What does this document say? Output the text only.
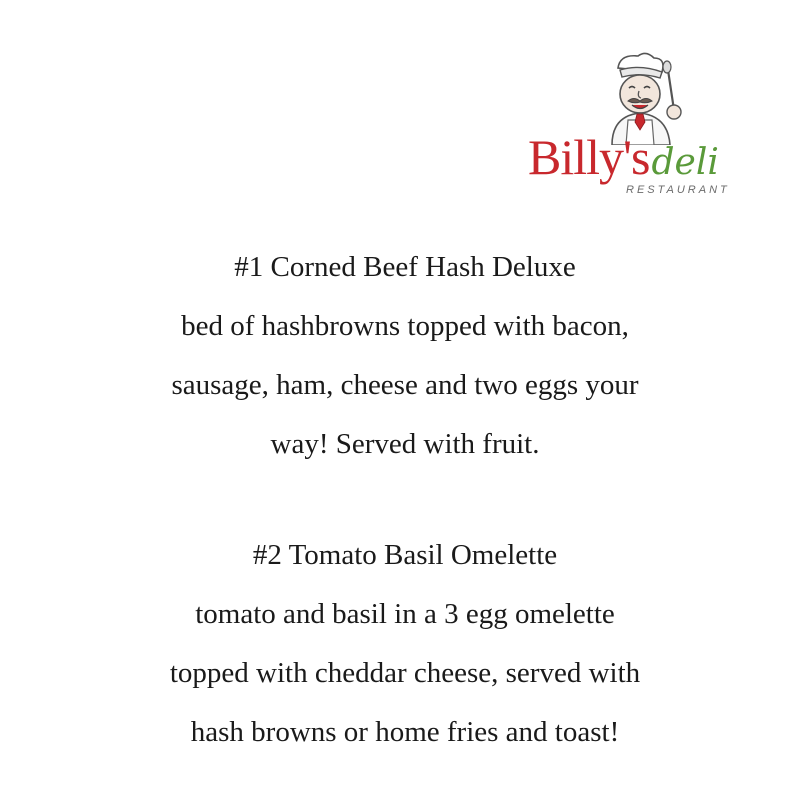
Billy'sdeli
RESTAURANT
#1 Corned Beef Hash Deluxe
bed of hashbrowns topped with bacon,
sausage, ham, cheese and two eggs your
way! Served with fruit.
#2 Tomato Basil Omelette
tomato and basil in a 3 egg omelette
topped with cheddar cheese, served with
hash browns or home fries and toast!
